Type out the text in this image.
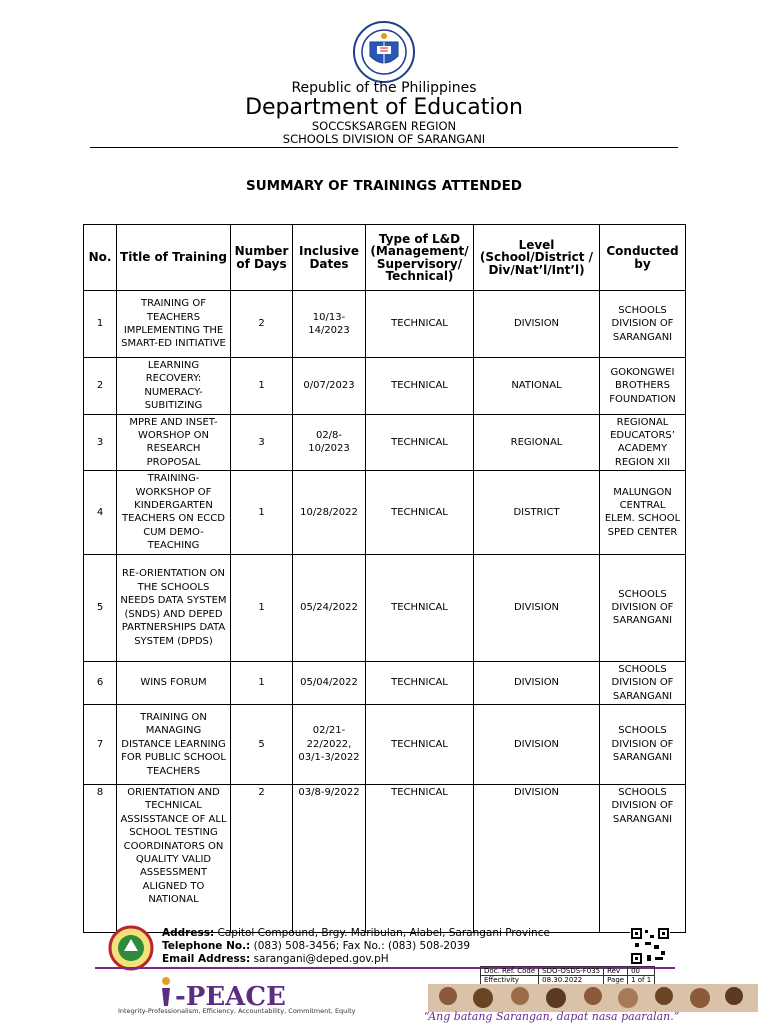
Republic of the Philippines
Department of Education
SOCCSKSARGEN REGION
SCHOOLS DIVISION OF SARANGANI
SUMMARY OF TRAININGS ATTENDED
No.	Title of Training	Number of Days	Inclusive Dates	Type of L&D (Management/ Supervisory/ Technical)	Level (School/District / Div/Nat’l/Int’l)	Conducted by
1	TRAINING OF TEACHERS IMPLEMENTING THE SMART-ED INITIATIVE	2	10/13-14/2023	TECHNICAL	DIVISION	SCHOOLS DIVISION OF SARANGANI
2	LEARNING RECOVERY: NUMERACY-SUBITIZING	1	0/07/2023	TECHNICAL	NATIONAL	GOKONGWEI BROTHERS FOUNDATION
3	MPRE AND INSET-WORSHOP ON RESEARCH PROPOSAL	3	02/8-10/2023	TECHNICAL	REGIONAL	REGIONAL EDUCATORS’ ACADEMY REGION XII
4	TRAINING-WORKSHOP OF KINDERGARTEN TEACHERS ON ECCD CUM DEMO-TEACHING	1	10/28/2022	TECHNICAL	DISTRICT	MALUNGON CENTRAL ELEM. SCHOOL SPED CENTER
5	RE-ORIENTATION ON THE SCHOOLS NEEDS DATA SYSTEM (SNDS) AND DEPED PARTNERSHIPS DATA SYSTEM (DPDS)	1	05/24/2022	TECHNICAL	DIVISION	SCHOOLS DIVISION OF SARANGANI
6	WINS FORUM	1	05/04/2022	TECHNICAL	DIVISION	SCHOOLS DIVISION OF SARANGANI
7	TRAINING ON MANAGING DISTANCE LEARNING FOR PUBLIC SCHOOL TEACHERS	5	02/21-22/2022, 03/1-3/2022	TECHNICAL	DIVISION	SCHOOLS DIVISION OF SARANGANI
8	ORIENTATION AND TECHNICAL ASSISSTANCE OF ALL SCHOOL TESTING COORDINATORS ON QUALITY VALID ASSESSMENT ALIGNED TO NATIONAL	2	03/8-9/2022	TECHNICAL	DIVISION	SCHOOLS DIVISION OF SARANGANI
Address: Capitol Compound, Brgy. Maribulan, Alabel, Sarangani Province
Telephone No.: (083) 508-3456; Fax No.: (083) 508-2039
Email Address: sarangani@deped.gov.pH
Doc. Ref. Code	SDO-OSDS-F035	Rev	00
Effectivity	08.30.2022	Page	1 of 1
-PEACE
Integrity-Professionalism, Efficiency, Accountability, Commitment, Equity	“Ang batang Sarangan, dapat nasa paaralan.”
